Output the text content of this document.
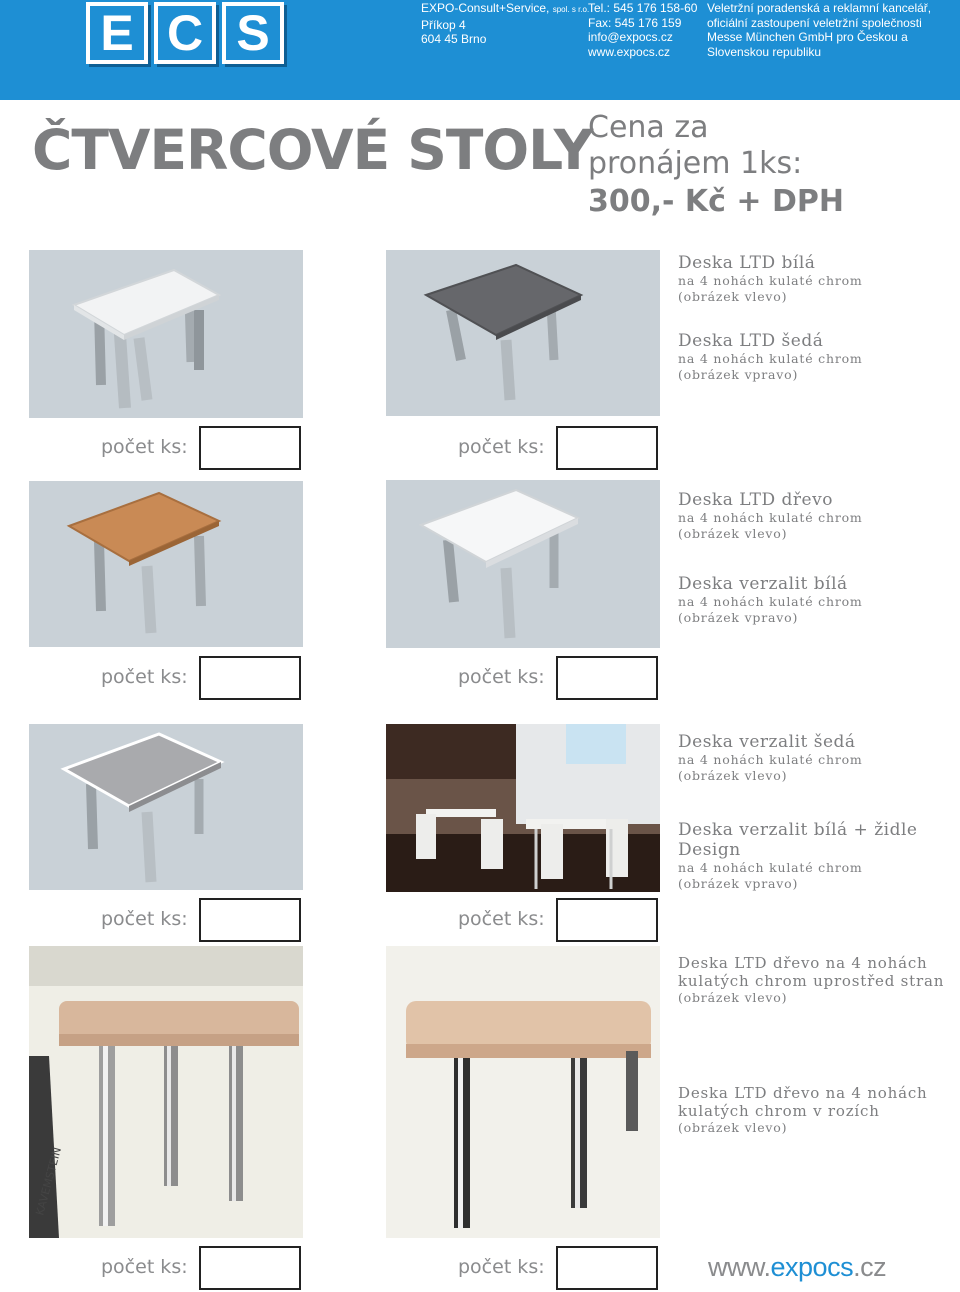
E C S	EXPO-Consult+Service, spol. s r.o.
Příkop 4
604 45 Brno
Tel.: 545 176 158-60
Fax: 545 176 159
info@expocs.cz
www.expocs.cz
Veletržní poradenská a reklamní kancelář, oficiální zastoupení veletržní společnosti Messe München GmbH pro Českou a Slovenskou republiku
ČTVERCOVÉ STOLY
Cena za
pronájem 1ks:
300,- Kč + DPH
Deska LTD bílá
na 4 nohách kulaté chrom
(obrázek vlevo)
Deska LTD šedá
na 4 nohách kulaté chrom
(obrázek vpravo)
počet ks:	počet ks:
Deska LTD dřevo
na 4 nohách kulaté chrom
(obrázek vlevo)
Deska verzalit bílá
na 4 nohách kulaté chrom
(obrázek vpravo)
počet ks:	počet ks:
Deska verzalit šedá
na 4 nohách kulaté chrom
(obrázek vlevo)
Deska verzalit bílá + židle Design
na 4 nohách kulaté chrom
(obrázek vpravo)
počet ks:	počet ks:
KAVEMSTEIN
Deska LTD dřevo na 4 nohách
kulatých chrom uprostřed stran
(obrázek vlevo)
Deska LTD dřevo na 4 nohách
kulatých chrom v rozích
(obrázek vlevo)
počet ks:	počet ks:	www.expocs.cz
